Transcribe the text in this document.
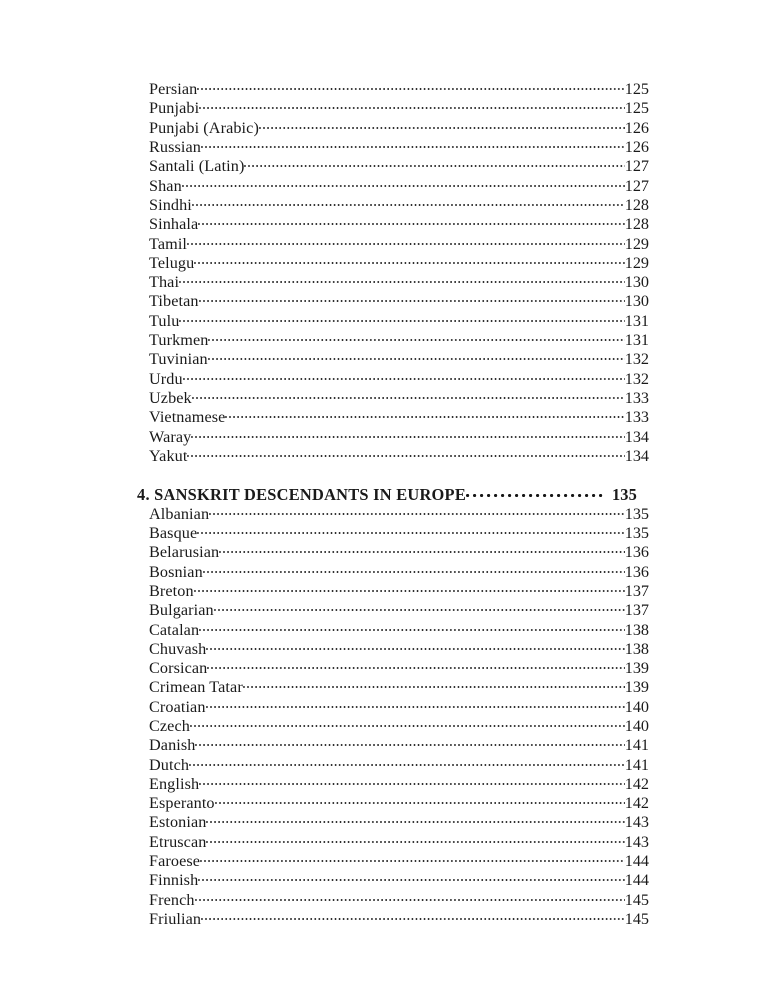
Persian	125
Punjabi	125
Punjabi (Arabic)	126
Russian	126
Santali (Latin)	127
Shan	127
Sindhi	128
Sinhala	128
Tamil	129
Telugu	129
Thai	130
Tibetan	130
Tulu	131
Turkmen	131
Tuvinian	132
Urdu	132
Uzbek	133
Vietnamese	133
Waray	134
Yakut	134
4. SANSKRIT DESCENDANTS IN EUROPE	135
Albanian	135
Basque	135
Belarusian	136
Bosnian	136
Breton	137
Bulgarian	137
Catalan	138
Chuvash	138
Corsican	139
Crimean Tatar	139
Croatian	140
Czech	140
Danish	141
Dutch	141
English	142
Esperanto	142
Estonian	143
Etruscan	143
Faroese	144
Finnish	144
French	145
Friulian	145
